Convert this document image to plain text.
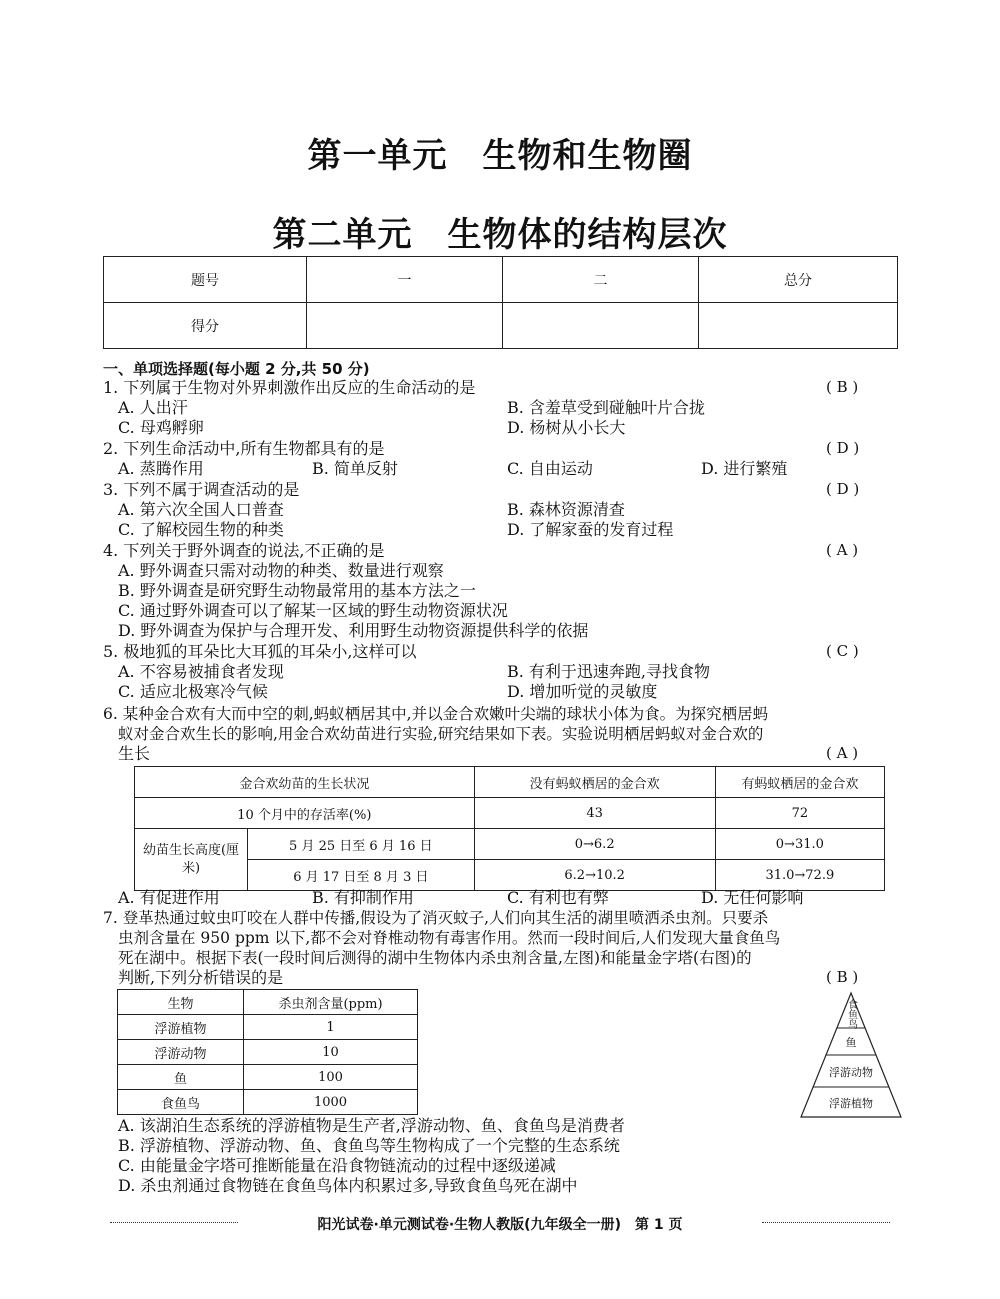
第一单元　生物和生物圈
第二单元　生物体的结构层次
题号	一	二	总分
得分			
一、单项选择题(每小题 2 分,共 50 分)
1. 下列属于生物对外界刺激作出反应的生命活动的是	( B )
A. 人出汗	B. 含羞草受到碰触叶片合拢
C. 母鸡孵卵	D. 杨树从小长大
2. 下列生命活动中,所有生物都具有的是	( D )
A. 蒸腾作用	B. 简单反射	C. 自由运动	D. 进行繁殖
3. 下列不属于调查活动的是	( D )
A. 第六次全国人口普查	B. 森林资源清查
C. 了解校园生物的种类	D. 了解家蚕的发育过程
4. 下列关于野外调查的说法,不正确的是	( A )
A. 野外调查只需对动物的种类、数量进行观察
B. 野外调查是研究野生动物最常用的基本方法之一
C. 通过野外调查可以了解某一区域的野生动物资源状况
D. 野外调查为保护与合理开发、利用野生动物资源提供科学的依据
5. 极地狐的耳朵比大耳狐的耳朵小,这样可以	( C )
A. 不容易被捕食者发现	B. 有利于迅速奔跑,寻找食物
C. 适应北极寒冷气候	D. 增加听觉的灵敏度
6. 某种金合欢有大而中空的刺,蚂蚁栖居其中,并以金合欢嫩叶尖端的球状小体为食。为探究栖居蚂
蚁对金合欢生长的影响,用金合欢幼苗进行实验,研究结果如下表。实验说明栖居蚂蚁对金合欢的
生长	( A )
金合欢幼苗的生长状况		没有蚂蚁栖居的金合欢	有蚂蚁栖居的金合欢
10 个月中的存活率(%)		43	72
幼苗生长高度(厘米)	5 月 25 日至 6 月 16 日	0→6.2	0→31.0
	6 月 17 日至 8 月 3 日	6.2→10.2	31.0→72.9
A. 有促进作用	B. 有抑制作用	C. 有利也有弊	D. 无任何影响
7. 登革热通过蚊虫叮咬在人群中传播,假设为了消灭蚊子,人们向其生活的湖里喷洒杀虫剂。只要杀
虫剂含量在 950 ppm 以下,都不会对脊椎动物有毒害作用。然而一段时间后,人们发现大量食鱼鸟
死在湖中。根据下表(一段时间后测得的湖中生物体内杀虫剂含量,左图)和能量金字塔(右图)的
判断,下列分析错误的是	( B )
生物	杀虫剂含量(ppm)
浮游植物	1
浮游动物	10
鱼	100
食鱼鸟	1000
食鱼鸟
鱼
浮游动物
浮游植物
A. 该湖泊生态系统的浮游植物是生产者,浮游动物、鱼、食鱼鸟是消费者
B. 浮游植物、浮游动物、鱼、食鱼鸟等生物构成了一个完整的生态系统
C. 由能量金字塔可推断能量在沿食物链流动的过程中逐级递减
D. 杀虫剂通过食物链在食鱼鸟体内积累过多,导致食鱼鸟死在湖中
阳光试卷·单元测试卷·生物人教版(九年级全一册)　第 1 页
